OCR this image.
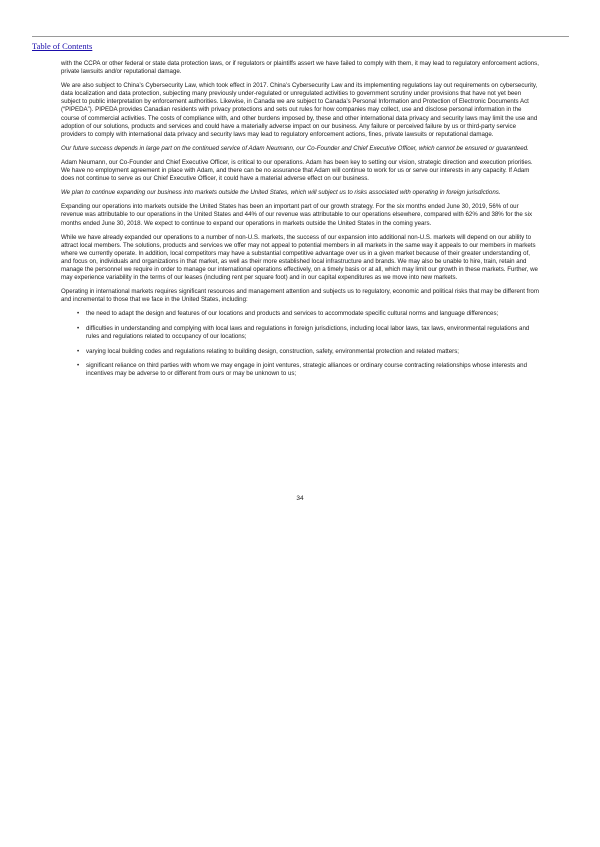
Table of Contents

with the CCPA or other federal or state data protection laws, or if regulators or plaintiffs assert we have failed to comply with them, it may lead to regulatory enforcement actions, private lawsuits and/or reputational damage.

We are also subject to China’s Cybersecurity Law, which took effect in 2017. China’s Cybersecurity Law and its implementing regulations lay out requirements on cybersecurity, data localization and data protection, subjecting many previously under-regulated or unregulated activities to government scrutiny under provisions that have not yet been subject to public interpretation by enforcement authorities. Likewise, in Canada we are subject to Canada’s Personal Information and Protection of Electronic Documents Act (“PIPEDA”). PIPEDA provides Canadian residents with privacy protections and sets out rules for how companies may collect, use and disclose personal information in the course of commercial activities. The costs of compliance with, and other burdens imposed by, these and other international data privacy and security laws may limit the use and adoption of our solutions, products and services and could have a materially adverse impact on our business. Any failure or perceived failure by us or third-party service providers to comply with international data privacy and security laws may lead to regulatory enforcement actions, fines, private lawsuits or reputational damage.

Our future success depends in large part on the continued service of Adam Neumann, our Co-Founder and Chief Executive Officer, which cannot be ensured or guaranteed.

Adam Neumann, our Co-Founder and Chief Executive Officer, is critical to our operations. Adam has been key to setting our vision, strategic direction and execution priorities. We have no employment agreement in place with Adam, and there can be no assurance that Adam will continue to work for us or serve our interests in any capacity. If Adam does not continue to serve as our Chief Executive Officer, it could have a material adverse effect on our business.

We plan to continue expanding our business into markets outside the United States, which will subject us to risks associated with operating in foreign jurisdictions.

Expanding our operations into markets outside the United States has been an important part of our growth strategy. For the six months ended June 30, 2019, 56% of our revenue was attributable to our operations in the United States and 44% of our revenue was attributable to our operations elsewhere, compared with 62% and 38% for the six months ended June 30, 2018. We expect to continue to expand our operations in markets outside the United States in the coming years.

While we have already expanded our operations to a number of non-U.S. markets, the success of our expansion into additional non-U.S. markets will depend on our ability to attract local members. The solutions, products and services we offer may not appeal to potential members in all markets in the same way it appeals to our members in markets where we currently operate. In addition, local competitors may have a substantial competitive advantage over us in a given market because of their greater understanding of, and focus on, individuals and organizations in that market, as well as their more established local infrastructure and brands. We may also be unable to hire, train, retain and manage the personnel we require in order to manage our international operations effectively, on a timely basis or at all, which may limit our growth in these markets. Further, we may experience variability in the terms of our leases (including rent per square foot) and in our capital expenditures as we move into new markets.

Operating in international markets requires significant resources and management attention and subjects us to regulatory, economic and political risks that may be different from and incremental to those that we face in the United States, including:

• the need to adapt the design and features of our locations and products and services to accommodate specific cultural norms and language differences;
• difficulties in understanding and complying with local laws and regulations in foreign jurisdictions, including local labor laws, tax laws, environmental regulations and rules and regulations related to occupancy of our locations;
• varying local building codes and regulations relating to building design, construction, safety, environmental protection and related matters;
• significant reliance on third parties with whom we may engage in joint ventures, strategic alliances or ordinary course contracting relationships whose interests and incentives may be adverse to or different from ours or may be unknown to us;
34
